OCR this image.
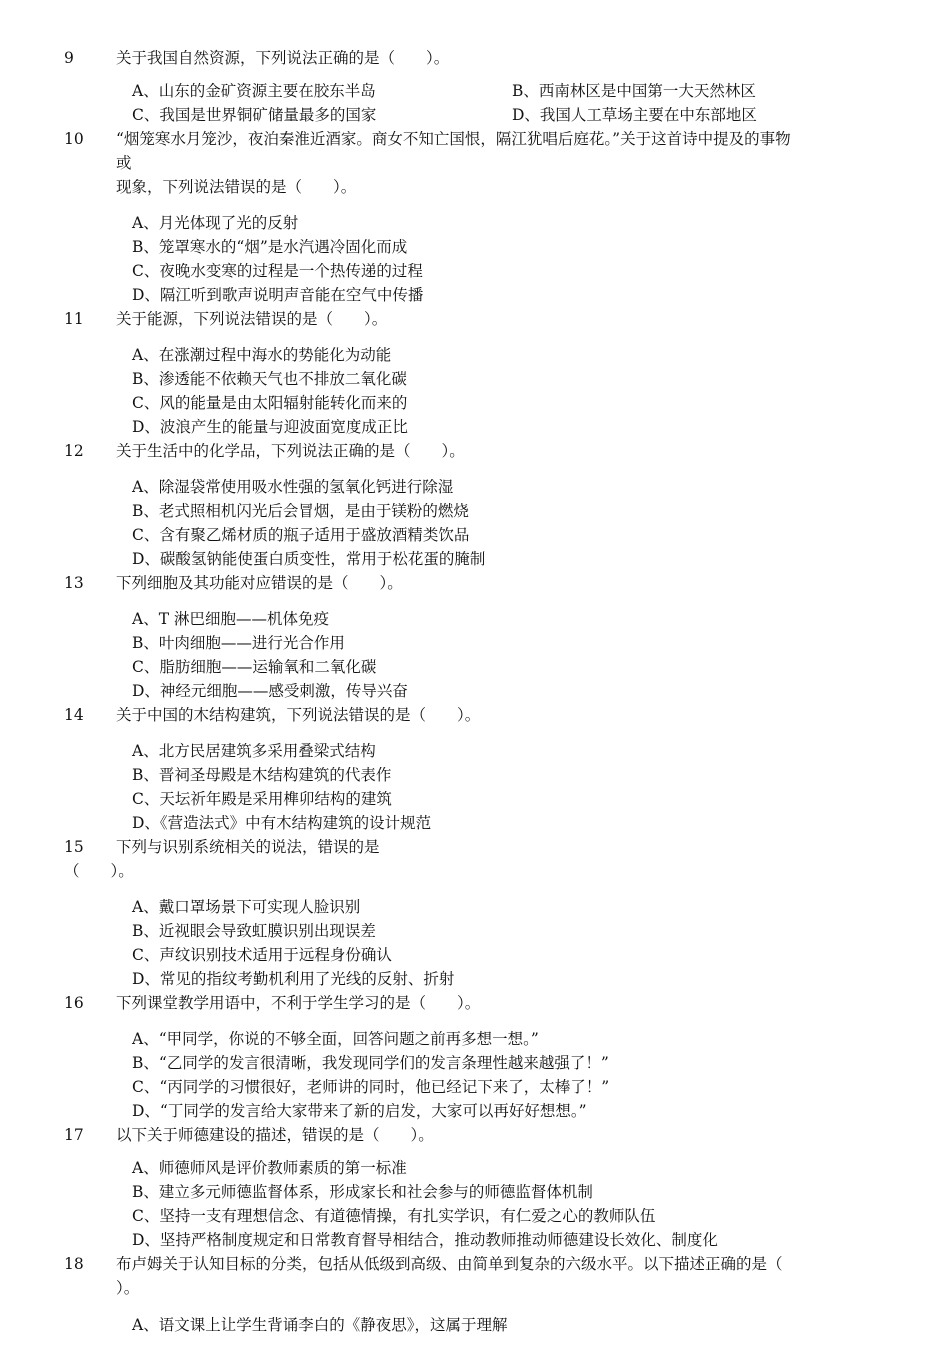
9	关于我国自然资源，下列说法正确的是（　　）。
A、山东的金矿资源主要在胶东半岛	B、西南林区是中国第一大天然林区
C、我国是世界铜矿储量最多的国家	D、我国人工草场主要在中东部地区
10 “烟笼寒水月笼沙，夜泊秦淮近酒家。商女不知亡国恨，隔江犹唱后庭花。”关于这首诗中提及的事物
或
现象，下列说法错误的是（　　）。
A、月光体现了光的反射
B、笼罩寒水的“烟”是水汽遇冷固化而成
C、夜晚水变寒的过程是一个热传递的过程
D、隔江听到歌声说明声音能在空气中传播
11 关于能源，下列说法错误的是（　　）。
A、在涨潮过程中海水的势能化为动能
B、渗透能不依赖天气也不排放二氧化碳
C、风的能量是由太阳辐射能转化而来的
D、波浪产生的能量与迎波面宽度成正比
12 关于生活中的化学品，下列说法正确的是（　　）。
A、除湿袋常使用吸水性强的氢氧化钙进行除湿
B、老式照相机闪光后会冒烟，是由于镁粉的燃烧
C、含有聚乙烯材质的瓶子适用于盛放酒精类饮品
D、碳酸氢钠能使蛋白质变性，常用于松花蛋的腌制
13 下列细胞及其功能对应错误的是（　　）。
A、T 淋巴细胞——机体免疫
B、叶肉细胞——进行光合作用
C、脂肪细胞——运输氧和二氧化碳
D、神经元细胞——感受刺激，传导兴奋
14 关于中国的木结构建筑，下列说法错误的是（　　）。
A、北方民居建筑多采用叠梁式结构
B、晋祠圣母殿是木结构建筑的代表作
C、天坛祈年殿是采用榫卯结构的建筑
D、《营造法式》中有木结构建筑的设计规范
15 下列与识别系统相关的说法，错误的是
（　　）。
A、戴口罩场景下可实现人脸识别
B、近视眼会导致虹膜识别出现误差
C、声纹识别技术适用于远程身份确认
D、常见的指纹考勤机利用了光线的反射、折射
16 下列课堂教学用语中，不利于学生学习的是（　　）。
A、“甲同学，你说的不够全面，回答问题之前再多想一想。”
B、“乙同学的发言很清晰，我发现同学们的发言条理性越来越强了！”
C、“丙同学的习惯很好，老师讲的同时，他已经记下来了，太棒了！”
D、“丁同学的发言给大家带来了新的启发，大家可以再好好想想。”
17 以下关于师德建设的描述，错误的是（　　）。
A、师德师风是评价教师素质的第一标准
B、建立多元师德监督体系，形成家长和社会参与的师德监督体机制
C、坚持一支有理想信念、有道德情操，有扎实学识，有仁爱之心的教师队伍
D、坚持严格制度规定和日常教育督导相结合，推动教师推动师德建设长效化、制度化
18 布卢姆关于认知目标的分类，包括从低级到高级、由简单到复杂的六级水平。以下描述正确的是（
）。
A、语文课上让学生背诵李白的《静夜思》，这属于理解
